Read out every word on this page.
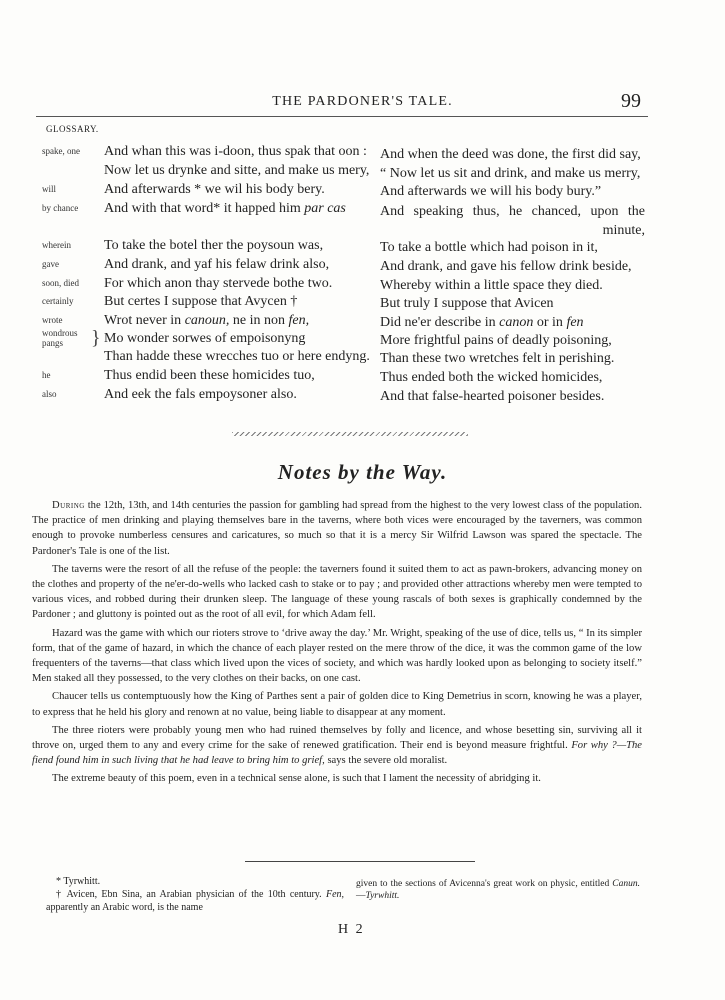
THE PARDONER'S TALE.	99
GLOSSARY.
spake, one
will
by chance
wherein
gave
soon, died
certainly
wrote
wondrous
pangs }
he
also
And whan this was i-doon, thus spak that oon :
Now let us drynke and sitte, and make us mery,
And afterwards * we wil his body bery.
And with that word* it happed him par cas
To take the botel ther the poysoun was,
And drank, and yaf his felaw drink also,
For which anon thay stervede bothe two.
But certes I suppose that Avycen †
Wrot never in canoun, ne in non fen,
Mo wonder sorwes of empoisonyng
Than hadde these wrecches tuo or here endyng.
Thus endid been these homicides tuo,
And eek the fals empoysoner also.
And when the deed was done, the first did say,
“ Now let us sit and drink, and make us merry,
And afterwards we will his body bury.”
And speaking thus, he chanced, upon the minute,
To take a bottle which had poison in it,
And drank, and gave his fellow drink beside,
Whereby within a little space they died.
But truly I suppose that Avicen
Did ne'er describe in canon or in fen
More frightful pains of deadly poisoning,
Than these two wretches felt in perishing.
Thus ended both the wicked homicides,
And that false-hearted poisoner besides.
Notes by the Way.

During the 12th, 13th, and 14th centuries the passion for gambling had spread from the highest to the very lowest class of the population. The practice of men drinking and playing themselves bare in the taverns, where both vices were encouraged by the taverners, was common enough to provoke numberless censures and caricatures, so much so that it is a mercy Sir Wilfrid Lawson was spared the spectacle. The Pardoner's Tale is one of the list.

The taverns were the resort of all the refuse of the people: the taverners found it suited them to act as pawn-brokers, advancing money on the clothes and property of the ne'er-do-wells who lacked cash to stake or to pay ; and provided other attractions whereby men were tempted to various vices, and robbed during their drunken sleep. The language of these young rascals of both sexes is graphically condemned by the Pardoner ; and gluttony is pointed out as the root of all evil, for which Adam fell.

Hazard was the game with which our rioters strove to ‘drive away the day.’ Mr. Wright, speaking of the use of dice, tells us, “ In its simpler form, that of the game of hazard, in which the chance of each player rested on the mere throw of the dice, it was the common game of the low frequenters of the taverns—that class which lived upon the vices of society, and which was hardly looked upon as belonging to society itself.” Men staked all they possessed, to the very clothes on their backs, on one cast.

Chaucer tells us contemptuously how the King of Parthes sent a pair of golden dice to King Demetrius in scorn, knowing he was a player, to express that he held his glory and renown at no value, being liable to disappear at any moment.

The three rioters were probably young men who had ruined themselves by folly and licence, and whose besetting sin, surviving all it throve on, urged them to any and every crime for the sake of renewed gratification. Their end is beyond measure frightful. For why ?—The fiend found him in such living that he had leave to bring him to grief, says the severe old moralist.

The extreme beauty of this poem, even in a technical sense alone, is such that I lament the necessity of abridging it.

* Tyrwhitt.

† Avicen, Ebn Sina, an Arabian physician of the 10th century. Fen, apparently an Arabic word, is the name

given to the sections of Avicenna's great work on physic, entitled Canun.—Tyrwhitt.

H 2
